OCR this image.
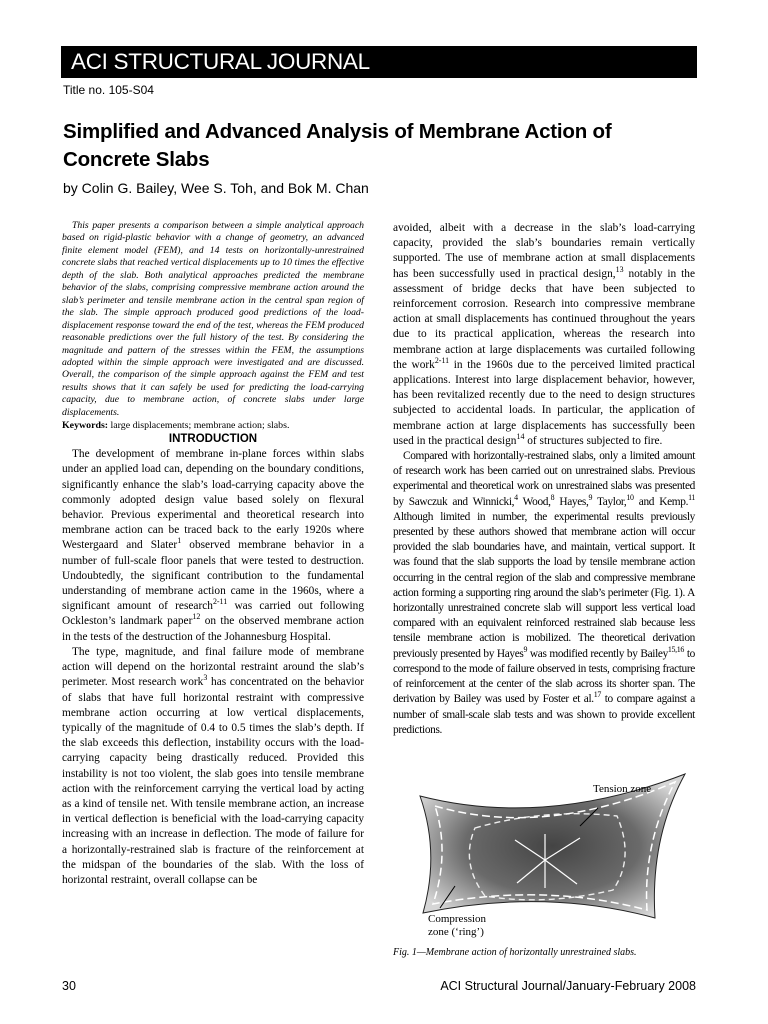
ACI STRUCTURAL JOURNAL
Title no. 105-S04
Simplified and Advanced Analysis of Membrane Action of Concrete Slabs
by Colin G. Bailey, Wee S. Toh, and Bok M. Chan

This paper presents a comparison between a simple analytical approach based on rigid-plastic behavior with a change of geometry, an advanced finite element model (FEM), and 14 tests on horizontally-unrestrained concrete slabs that reached vertical displacements up to 10 times the effective depth of the slab. Both analytical approaches predicted the membrane behavior of the slabs, comprising compressive membrane action around the slab’s perimeter and tensile membrane action in the central span region of the slab. The simple approach produced good predictions of the load-displacement response toward the end of the test, whereas the FEM produced reasonable predictions over the full history of the test. By considering the magnitude and pattern of the stresses within the FEM, the assumptions adopted within the simple approach were investigated and are discussed. Overall, the comparison of the simple approach against the FEM and test results shows that it can safely be used for predicting the load-carrying capacity, due to membrane action, of concrete slabs under large displacements.

Keywords: large displacements; membrane action; slabs.

INTRODUCTION

The development of membrane in-plane forces within slabs under an applied load can, depending on the boundary conditions, significantly enhance the slab’s load-carrying capacity above the commonly adopted design value based solely on flexural behavior. Previous experimental and theoretical research into membrane action can be traced back to the early 1920s where Westergaard and Slater$^1$ observed membrane behavior in a number of full-scale floor panels that were tested to destruction. Undoubtedly, the significant contribution to the fundamental understanding of membrane action came in the 1960s, where a significant amount of research$^{2-11}$ was carried out following Ockleston’s landmark paper$^{12}$ on the observed membrane action in the tests of the destruction of the Johannesburg Hospital.

The type, magnitude, and final failure mode of membrane action will depend on the horizontal restraint around the slab’s perimeter. Most research work$^3$ has concentrated on the behavior of slabs that have full horizontal restraint with compressive membrane action occurring at low vertical displacements, typically of the magnitude of 0.4 to 0.5 times the slab’s depth. If the slab exceeds this deflection, instability occurs with the load-carrying capacity being drastically reduced. Provided this instability is not too violent, the slab goes into tensile membrane action with the reinforcement carrying the vertical load by acting as a kind of tensile net. With tensile membrane action, an increase in vertical deflection is beneficial with the load-carrying capacity increasing with an increase in deflection. The mode of failure for a horizontally-restrained slab is fracture of the reinforcement at the midspan of the boundaries of the slab. With the loss of horizontal restraint, overall collapse can be

avoided, albeit with a decrease in the slab’s load-carrying capacity, provided the slab’s boundaries remain vertically supported. The use of membrane action at small displacements has been successfully used in practical design,$^{13}$ notably in the assessment of bridge decks that have been subjected to reinforcement corrosion. Research into compressive membrane action at small displacements has continued throughout the years due to its practical application, whereas the research into membrane action at large displacements was curtailed following the work$^{2-11}$ in the 1960s due to the perceived limited practical applications. Interest into large displacement behavior, however, has been revitalized recently due to the need to design structures subjected to accidental loads. In particular, the application of membrane action at large displacements has successfully been used in the practical design$^{14}$ of structures subjected to fire.

Compared with horizontally-restrained slabs, only a limited amount of research work has been carried out on unrestrained slabs. Previous experimental and theoretical work on unrestrained slabs was presented by Sawczuk and Winnicki,$^4$ Wood,$^8$ Hayes,$^9$ Taylor,$^{10}$ and Kemp.$^{11}$ Although limited in number, the experimental results previously presented by these authors showed that membrane action will occur provided the slab boundaries have, and maintain, vertical support. It was found that the slab supports the load by tensile membrane action occurring in the central region of the slab and compressive membrane action forming a supporting ring around the slab’s perimeter (Fig. 1). A horizontally unrestrained concrete slab will support less vertical load compared with an equivalent reinforced restrained slab because less tensile membrane action is mobilized. The theoretical derivation previously presented by Hayes$^9$ was modified recently by Bailey$^{15,16}$ to correspond to the mode of failure observed in tests, comprising fracture of reinforcement at the center of the slab across its shorter span. The derivation by Bailey was used by Foster et al.$^{17}$ to compare against a number of small-scale slab tests and was shown to provide excellent predictions.

Tension zone
Compression
zone (‘ring’)
Fig. 1—Membrane action of horizontally unrestrained slabs.
30	ACI Structural Journal/January-February 2008
